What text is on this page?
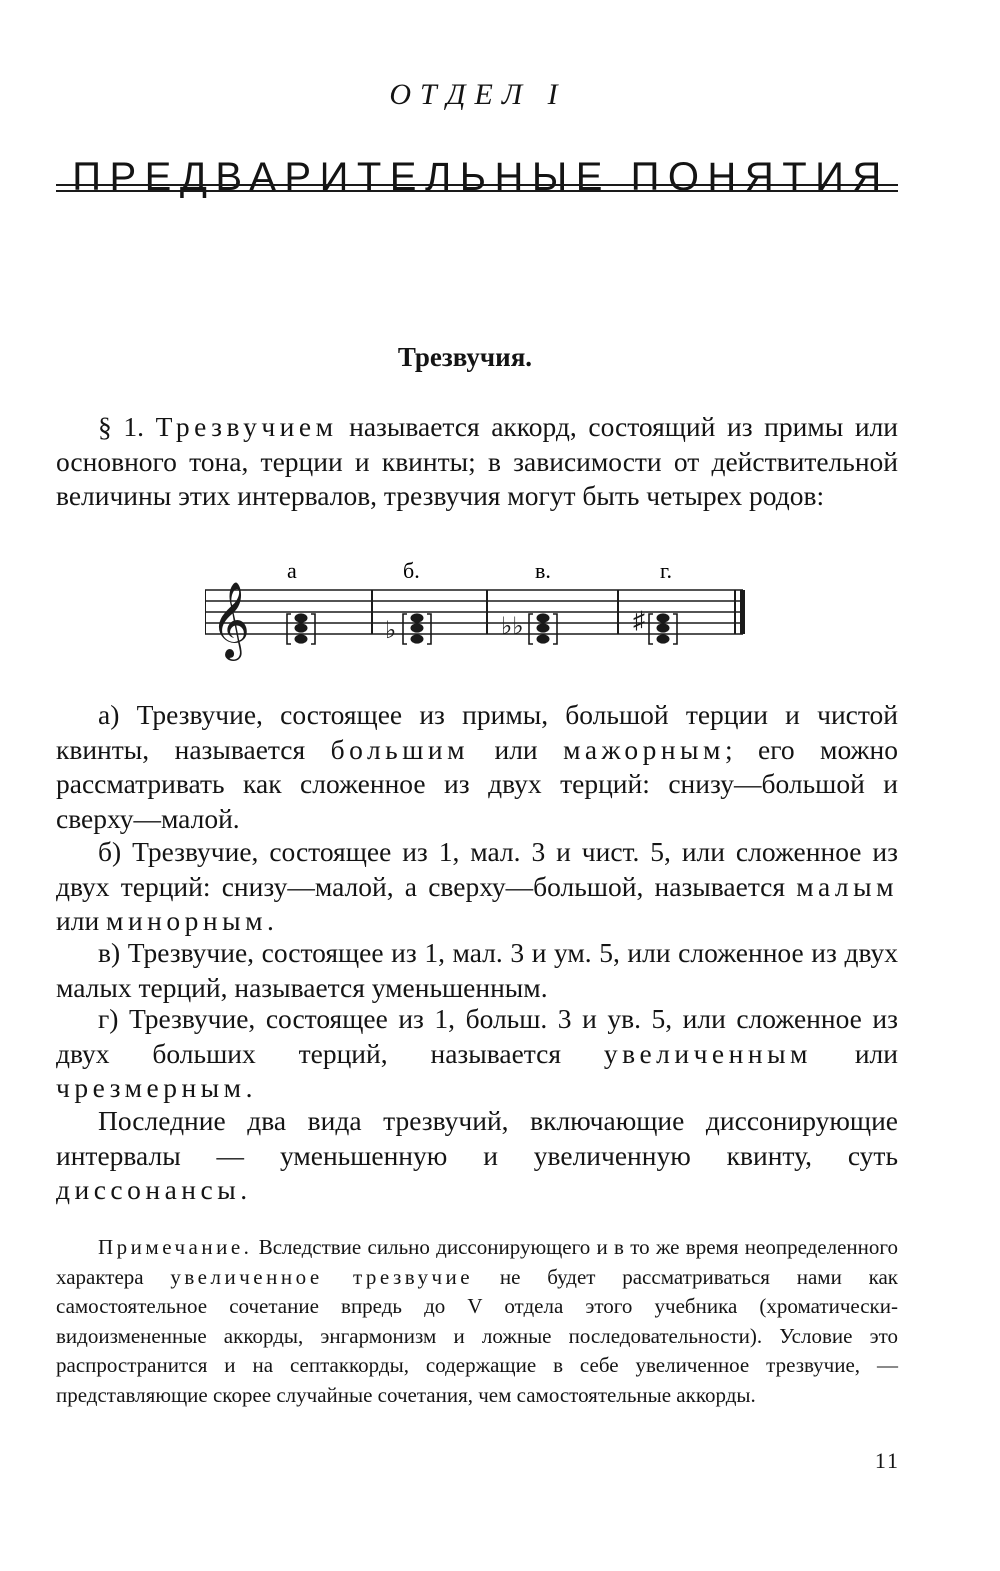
ОТДЕЛ I
ПРЕДВАРИТЕЛЬНЫЕ ПОНЯТИЯ
Трезвучия.

§ 1. Трезвучием называется аккорд, состоящий из примы или основного тона, терции и квинты; в зависимости от действительной величины этих интервалов, трезвучия могут быть четырех родов:

𝄞
а	б.	в.	г.
♭	♭♭	♯

а) Трезвучие, состоящее из примы, большой терции и чистой квинты, называется большим или мажорным; его можно рассматривать как сложенное из двух терций: снизу—большой и сверху—малой.

б) Трезвучие, состоящее из 1, мал. 3 и чист. 5, или сложенное из двух терций: снизу—малой, а сверху—большой, называется малым или минорным.

в) Трезвучие, состоящее из 1, мал. 3 и ум. 5, или сложенное из двух малых терций, называется уменьшенным.

г) Трезвучие, состоящее из 1, больш. 3 и ув. 5, или сложенное из двух больших терций, называется увеличенным или чрезмерным.

Последние два вида трезвучий, включающие диссонирующие интервалы — уменьшенную и увеличенную квинту, суть диссонансы.

Примечание. Вследствие сильно диссонирующего и в то же время неопределенного характера увеличенное трезвучие не будет рассматриваться нами как самостоятельное сочетание впредь до V отдела этого учебника (хроматически-видоизмененные аккорды, энгармонизм и ложные последовательности). Условие это распространится и на септаккорды, содержащие в себе увеличенное трезвучие, — представляющие скорее случайные сочетания, чем самостоятельные аккорды.

11
